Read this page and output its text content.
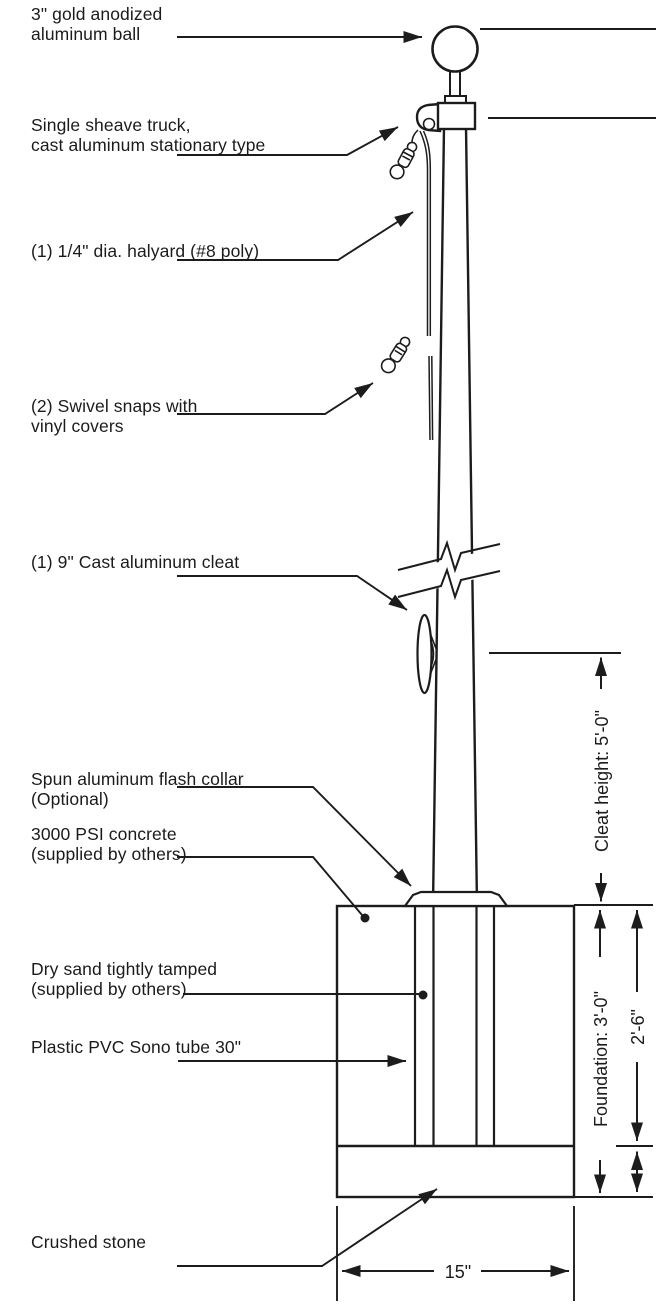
Cleat height: 5'-0"
Foundation: 3'-0" 2'-6"
15"
3" gold anodized
aluminum ball
Single sheave truck,
cast aluminum stationary type
(1) 1/4" dia. halyard (#8 poly)
(2) Swivel snaps with
vinyl covers
(1) 9" Cast aluminum cleat
Spun aluminum flash collar
(Optional)
3000 PSI concrete
(supplied by others)
Dry sand tightly tamped
(supplied by others)
Plastic PVC Sono tube 30"
Crushed stone
